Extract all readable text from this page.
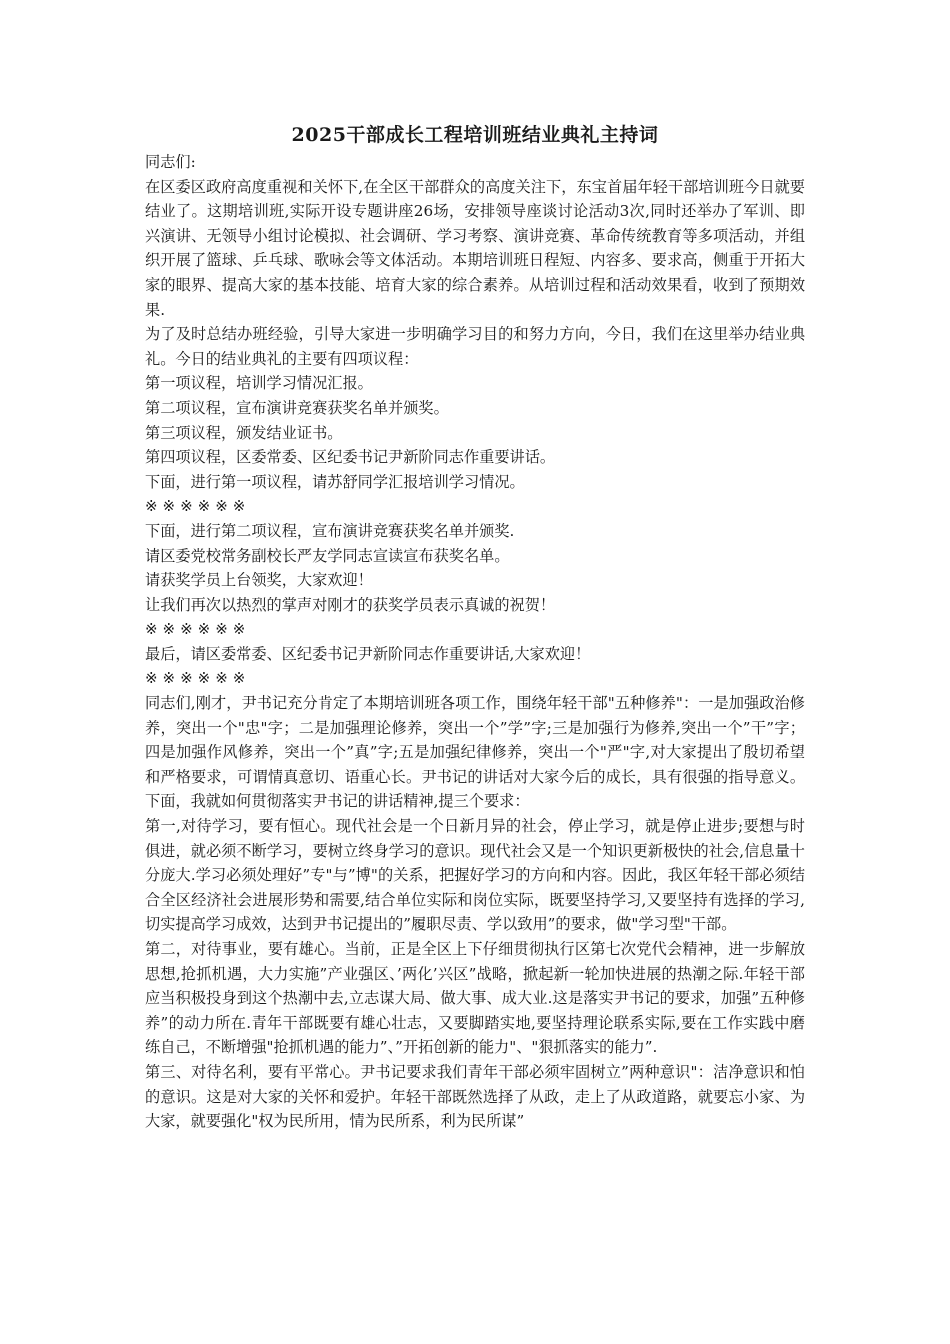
2025干部成长工程培训班结业典礼主持词

同志们:

在区委区政府高度重视和关怀下,在全区干部群众的高度关注下，东宝首届年轻干部培训班今日就要结业了。这期培训班,实际开设专题讲座26场，安排领导座谈讨论活动3次,同时还举办了军训、即兴演讲、无领导小组讨论模拟、社会调研、学习考察、演讲竞赛、革命传统教育等多项活动，并组织开展了篮球、乒乓球、歌咏会等文体活动。本期培训班日程短、内容多、要求高，侧重于开拓大家的眼界、提高大家的基本技能、培育大家的综合素养。从培训过程和活动效果看，收到了预期效果.

为了及时总结办班经验，引导大家进一步明确学习目的和努力方向，今日，我们在这里举办结业典礼。今日的结业典礼的主要有四项议程：

第一项议程，培训学习情况汇报。

第二项议程，宣布演讲竞赛获奖名单并颁奖。

第三项议程，颁发结业证书。

第四项议程，区委常委、区纪委书记尹新阶同志作重要讲话。

下面，进行第一项议程，请苏舒同学汇报培训学习情况。

※ ※ ※ ※ ※ ※

下面，进行第二项议程，宣布演讲竞赛获奖名单并颁奖.

请区委党校常务副校长严友学同志宣读宣布获奖名单。

请获奖学员上台领奖，大家欢迎！

让我们再次以热烈的掌声对刚才的获奖学员表示真诚的祝贺！

※ ※ ※ ※ ※ ※

最后，请区委常委、区纪委书记尹新阶同志作重要讲话,大家欢迎！

※ ※ ※ ※ ※ ※

同志们,刚才，尹书记充分肯定了本期培训班各项工作，围绕年轻干部"五种修养"：一是加强政治修养，突出一个"忠"字；二是加强理论修养，突出一个”学”字;三是加强行为修养,突出一个”干”字；四是加强作风修养，突出一个”真”字;五是加强纪律修养，突出一个"严"字,对大家提出了殷切希望和严格要求，可谓情真意切、语重心长。尹书记的讲话对大家今后的成长，具有很强的指导意义。下面，我就如何贯彻落实尹书记的讲话精神,提三个要求：

第一,对待学习，要有恒心。现代社会是一个日新月异的社会，停止学习，就是停止进步;要想与时俱进，就必须不断学习，要树立终身学习的意识。现代社会又是一个知识更新极快的社会,信息量十分庞大.学习必须处理好”专"与”博"的关系，把握好学习的方向和内容。因此，我区年轻干部必须结合全区经济社会进展形势和需要,结合单位实际和岗位实际，既要坚持学习,又要坚持有选择的学习,切实提高学习成效，达到尹书记提出的”履职尽责、学以致用”的要求，做"学习型"干部。

第二，对待事业，要有雄心。当前，正是全区上下仔细贯彻执行区第七次党代会精神，进一步解放思想,抢抓机遇，大力实施”产业强区、’两化’兴区”战略，掀起新一轮加快进展的热潮之际.年轻干部应当积极投身到这个热潮中去,立志谋大局、做大事、成大业.这是落实尹书记的要求，加强”五种修养”的动力所在.青年干部既要有雄心壮志，又要脚踏实地,要坚持理论联系实际,要在工作实践中磨练自己，不断增强"抢抓机遇的能力”、”开拓创新的能力"、"狠抓落实的能力”.

第三、对待名利，要有平常心。尹书记要求我们青年干部必须牢固树立”两种意识"：洁净意识和怕的意识。这是对大家的关怀和爱护。年轻干部既然选择了从政，走上了从政道路，就要忘小家、为大家，就要强化"权为民所用，情为民所系，利为民所谋”
